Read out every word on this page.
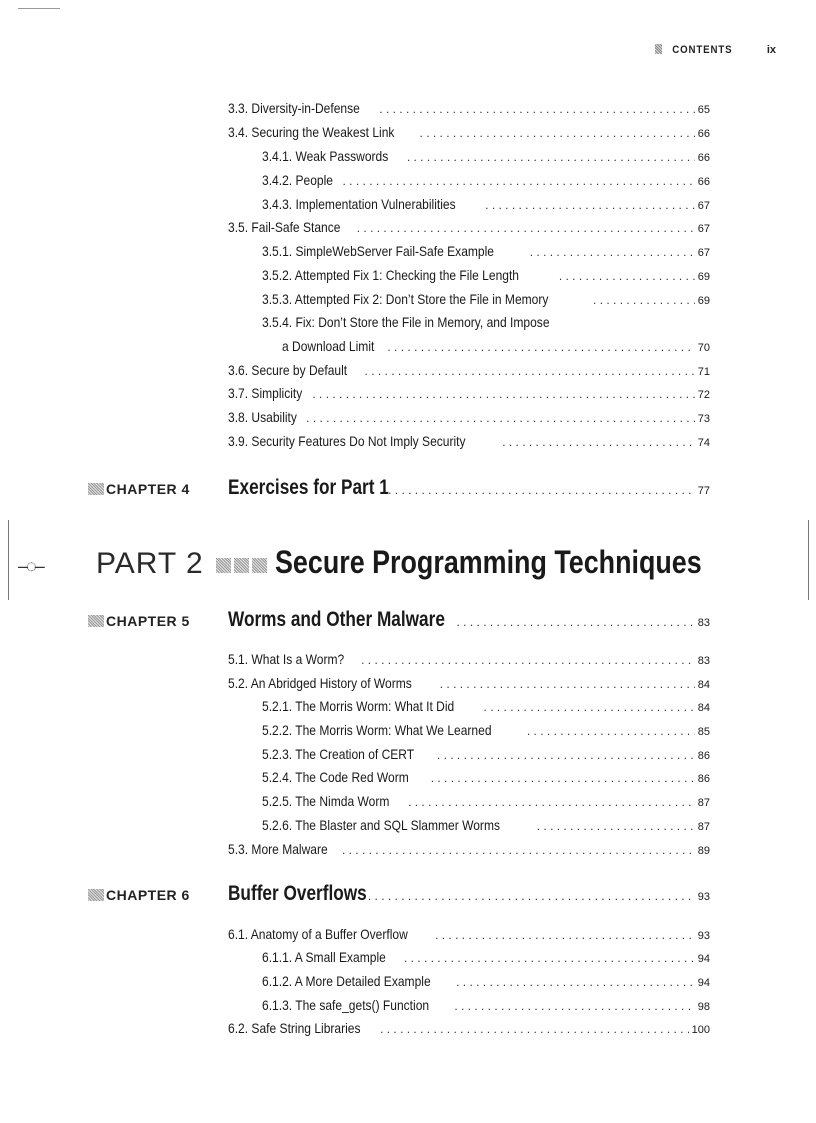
–◌–
CONTENTS	ix
3.3. Diversity-in-Defense . . .	65
3.4. Securing the Weakest Link . . .	66
3.4.1. Weak Passwords . . .	66
3.4.2. People . . .	66
3.4.3. Implementation Vulnerabilities . . .	67
3.5. Fail-Safe Stance . . .	67
3.5.1. SimpleWebServer Fail-Safe Example . . .	67
3.5.2. Attempted Fix 1: Checking the File Length . . .	69
3.5.3. Attempted Fix 2: Don’t Store the File in Memory . . .	69
3.5.4. Fix: Don’t Store the File in Memory, and Impose
a Download Limit . . .	70
3.6. Secure by Default . . .	71
3.7. Simplicity . . .	72
3.8. Usability . . .	73
3.9. Security Features Do Not Imply Security . . .	74
CHAPTER 4 Exercises for Part 1 . . .	77
PART 2 Secure Programming Techniques
CHAPTER 5 Worms and Other Malware . . .	83
5.1. What Is a Worm? . . .	83
5.2. An Abridged History of Worms . . .	84
5.2.1. The Morris Worm: What It Did . . .	84
5.2.2. The Morris Worm: What We Learned . . .	85
5.2.3. The Creation of CERT . . .	86
5.2.4. The Code Red Worm . . .	86
5.2.5. The Nimda Worm . . .	87
5.2.6. The Blaster and SQL Slammer Worms . . .	87
5.3. More Malware . . .	89
CHAPTER 6 Buffer Overflows . . .	93
6.1. Anatomy of a Buffer Overflow . . .	93
6.1.1. A Small Example . . .	94
6.1.2. A More Detailed Example . . .	94
6.1.3. The safe_gets() Function . . .	98
6.2. Safe String Libraries . . .	100
